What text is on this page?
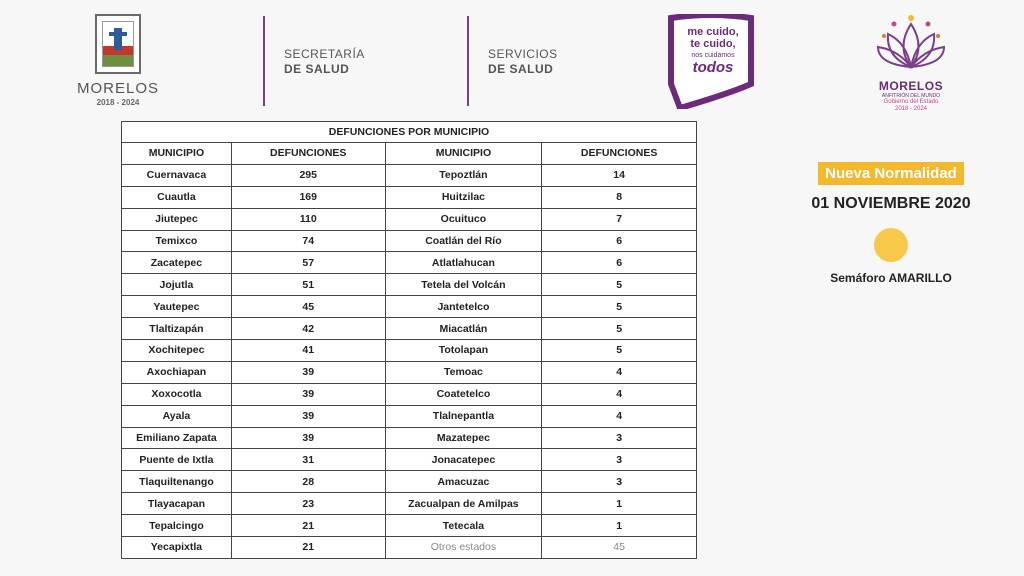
MORELOS
2018 - 2024
SECRETARÍA
DE SALUD
SERVICIOS
DE SALUD
me cuido,
te cuido,
nos cuidamos
todos
MORELOS
ANFITRIÓN DEL MUNDO
Gobierno del Estado
2018 - 2024
DEFUNCIONES POR MUNICIPIO			
MUNICIPIO	DEFUNCIONES	MUNICIPIO	DEFUNCIONES
Cuernavaca	295	Tepoztlán	14
Cuautla	169	Huitzilac	8
Jiutepec	110	Ocuituco	7
Temixco	74	Coatlán del Río	6
Zacatepec	57	Atlatlahucan	6
Jojutla	51	Tetela del Volcán	5
Yautepec	45	Jantetelco	5
Tlaltizapán	42	Miacatlán	5
Xochitepec	41	Totolapan	5
Axochiapan	39	Temoac	4
Xoxocotla	39	Coatetelco	4
Ayala	39	Tlalnepantla	4
Emiliano Zapata	39	Mazatepec	3
Puente de Ixtla	31	Jonacatepec	3
Tlaquiltenango	28	Amacuzac	3
Tlayacapan	23	Zacualpan de Amilpas	1
Tepalcingo	21	Tetecala	1
Yecapixtla	21	Otros estados	45
Nueva Normalidad
01 NOVIEMBRE 2020
Semáforo AMARILLO
